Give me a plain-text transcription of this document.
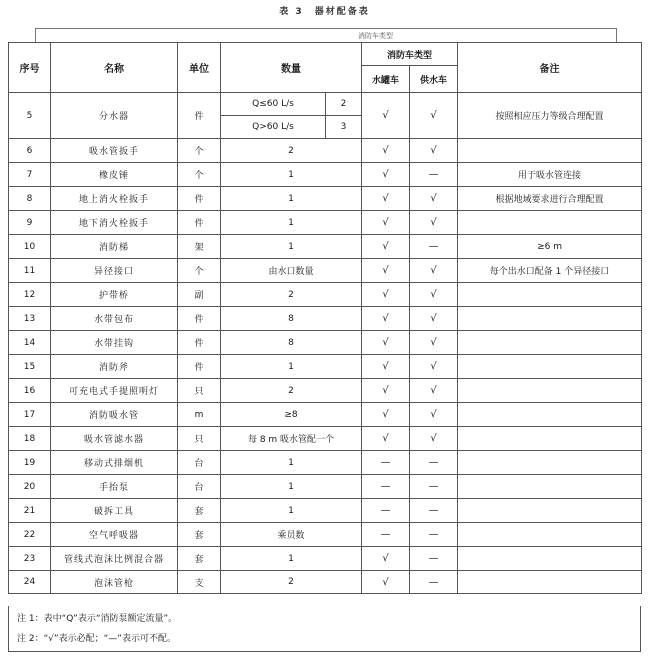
表 3　器材配备表
消防车类型
序号	名称	单位	数量		消防车类型		备注
					水罐车	供水车	
5	分水器	件	Q≤60 L/s	2	√	√	按照相应压力等级合理配置
			Q>60 L/s	3			
6	吸水管扳手	个	2		√	√	
7	橡皮锤	个	1		√	—	用于吸水管连接
8	地上消火栓扳手	件	1		√	√	根据地域要求进行合理配置
9	地下消火栓扳手	件	1		√	√	
10	消防梯	架	1		√	—	≥6 m
11	异径接口	个	由水口数量		√	√	每个出水口配备 1 个异径接口
12	护带桥	副	2		√	√	
13	水带包布	件	8		√	√	
14	水带挂钩	件	8		√	√	
15	消防斧	件	1		√	√	
16	可充电式手提照明灯	只	2		√	√	
17	消防吸水管	m	≥8		√	√	
18	吸水管滤水器	只	每 8 m 吸水管配一个		√	√	
19	移动式排烟机	台	1		—	—	
20	手抬泵	台	1		—	—	
21	破拆工具	套	1		—	—	
22	空气呼吸器	套	乘员数		—	—	
23	管线式泡沫比例混合器	套	1		√	—	
24	泡沫管枪	支	2		√	—	
注 1：表中“Q”表示“消防泵额定流量”。
注 2：“√”表示必配；“—”表示可不配。
